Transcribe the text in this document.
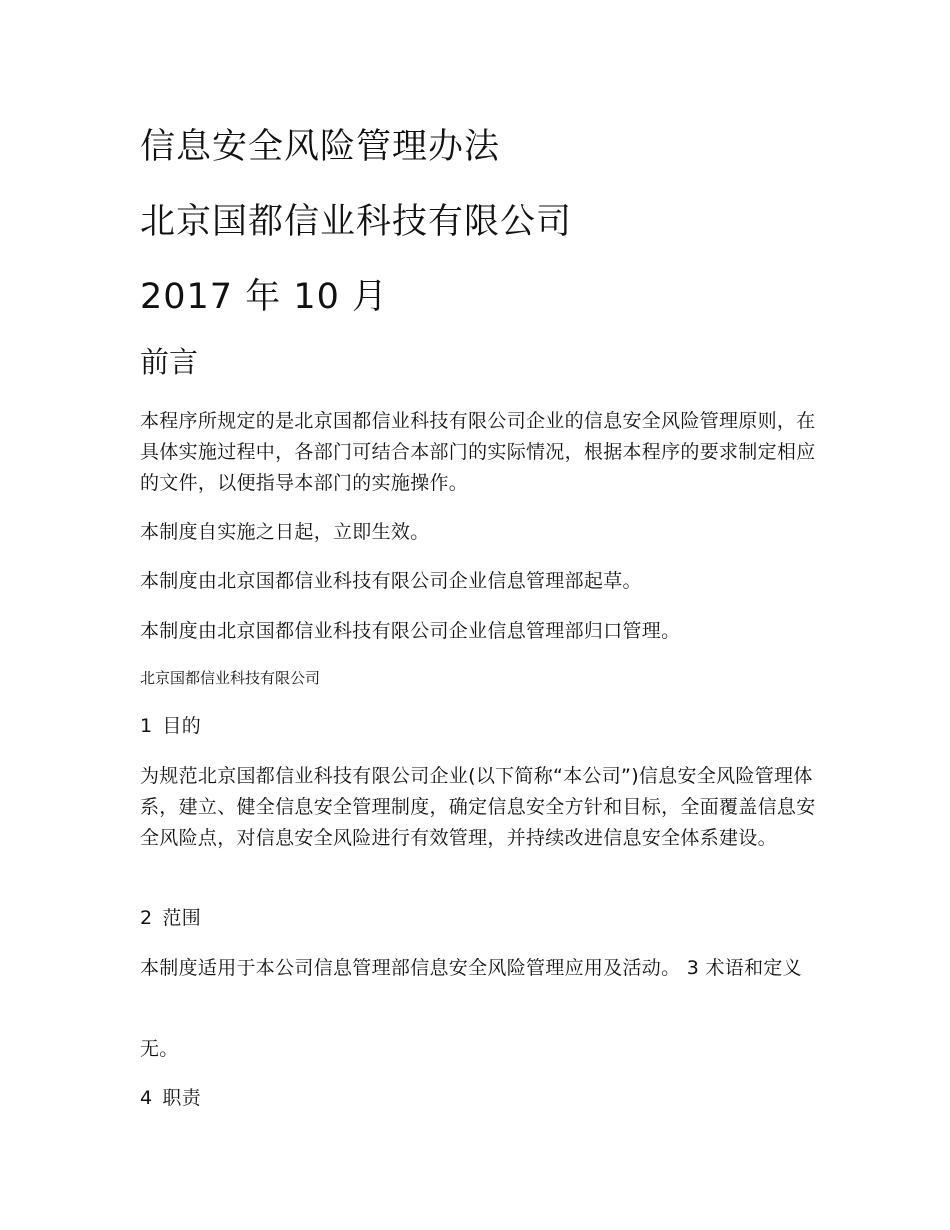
信息安全风险管理办法
北京国都信业科技有限公司
2017 年 10 月
前言
本程序所规定的是北京国都信业科技有限公司企业的信息安全风险管理原则，在具体实施过程中，各部门可结合本部门的实际情况，根据本程序的要求制定相应的文件，以便指导本部门的实施操作。
本制度自实施之日起，立即生效。
本制度由北京国都信业科技有限公司企业信息管理部起草。
本制度由北京国都信业科技有限公司企业信息管理部归口管理。
北京国都信业科技有限公司
1 目的
为规范北京国都信业科技有限公司企业(以下简称“本公司”)信息安全风险管理体系，建立、健全信息安全管理制度，确定信息安全方针和目标，全面覆盖信息安全风险点，对信息安全风险进行有效管理，并持续改进信息安全体系建设。
2 范围
本制度适用于本公司信息管理部信息安全风险管理应用及活动。 3 术语和定义
无。
4 职责
